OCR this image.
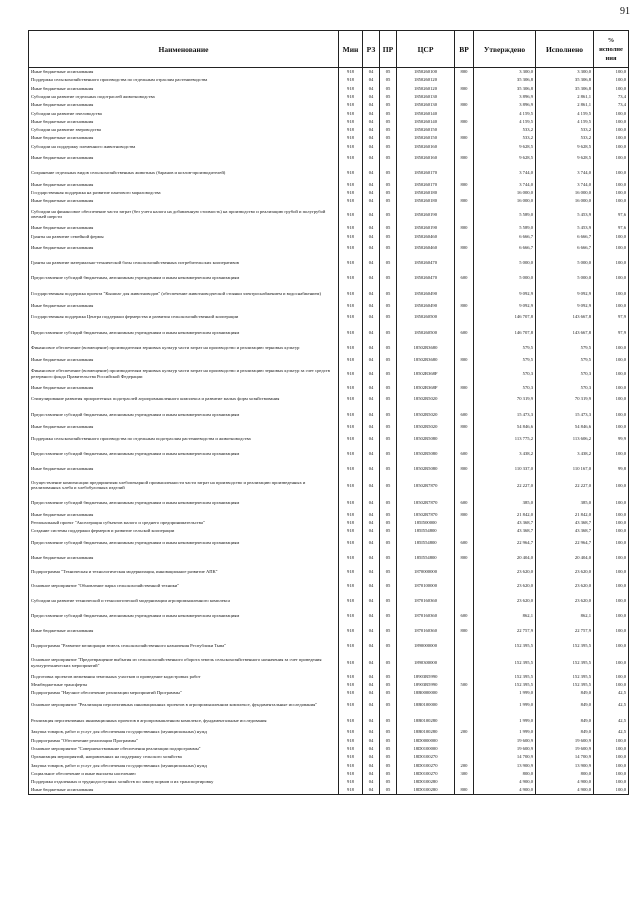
91
Наименование	Мин	РЗ	ПР	ЦСР	ВР	Утверждено	Исполнено	% исполне ния
Иные бюджетные ассигнования	918	04	05	1850260100	800	3 300,0	3 300,0	100,0
Поддержка сельскохозяйственного производства по отдельным отраслям растениеводства	918	04	05	1850260120		35 306,8	35 306,8	100,0
Иные бюджетные ассигнования	918	04	05	1850260120	800	35 306,8	35 306,8	100,0
Субсидии на развитие отдельных подотраслей животноводства	918	04	05	1850260130		3 896,9	2 861,1	73,4
Иные бюджетные ассигнования	918	04	05	1850260130	800	3 896,9	2 861,1	73,4
Субсидии на развитие пчеловодства	918	04	05	1850260140		4 159,5	4 159,5	100,0
Иные бюджетные ассигнования	918	04	05	1850260140	800	4 159,5	4 159,5	100,0
Субсидии на развитие звероводства	918	04	05	1850260150		533,2	533,2	100,0
Иные бюджетные ассигнования	918	04	05	1850260150	800	533,2	533,2	100,0
Субсидии на поддержку племенного животноводства	918	04	05	1850260160		9 628,5	9 628,5	100,0
Иные бюджетные ассигнования	918	04	05	1850260160	800	9 628,5	9 628,5	100,0
Сохранение отдельных видов сельскохозяйственных животных (баранов и козлов-производителей)	918	04	05	1850260170		3 744,0	3 744,0	100,0
Иные бюджетные ассигнования	918	04	05	1850260170	800	3 744,0	3 744,0	100,0
Государственная поддержка на развитие пантового мараловодства	918	04	05	1850260180		16 000,0	16 000,0	100,0
Иные бюджетные ассигнования	918	04	05	1850260180	800	16 000,0	16 000,0	100,0
Субсидии на финансовое обеспечение части затрат (без учета налога на добавленную стоимость) на производство и реализацию грубой и полугрубой овечьей шерсти	918	04	05	1850260190		5 589,0	5 453,9	97,6
Иные бюджетные ассигнования	918	04	05	1850260190	800	5 589,0	5 453,9	97,6
Гранты на развитие семейной фермы	918	04	05	1850260460		6 666,7	6 666,7	100,0
Иные бюджетные ассигнования	918	04	05	1850260460	800	6 666,7	6 666,7	100,0
Гранты на развитие материально-технической базы сельскохозяйственных потребительских кооперативов	918	04	05	1850260470		5 000,0	5 000,0	100,0
Предоставление субсидий бюджетным, автономным учреждениям и иным некоммерческим организациям	918	04	05	1850260470	600	5 000,0	5 000,0	100,0
Государственная поддержка проекта "Кышпаг для животноводов" (обеспечение животноводческой стоянки электроснабжением и водоснабжением)	918	04	05	1850260490		9 092,9	9 092,9	100,0
Иные бюджетные ассигнования	918	04	05	1850260490	800	9 092,9	9 092,9	100,0
Государственная поддержка Центра поддержки фермерства и развития сельскохозяйственной кооперации	918	04	05	1850260500		146 707,8	143 667,8	97,9
Предоставление субсидий бюджетным, автономным учреждениям и иным некоммерческим организациям	918	04	05	1850260500	600	146 707,8	143 667,8	97,9
Финансовое обеспечение (возмещение) производителям зерновых культур части затрат на производство и реализацию зерновых культур	918	04	05	18502R3680		579,5	579,5	100,0
Иные бюджетные ассигнования	918	04	05	18502R3680	800	579,5	579,5	100,0
Финансовое обеспечение (возмещение) производителям зерновых культур части затрат на производство и реализацию зерновых культур за счет средств резервного фонда Правительства Российской Федерации	918	04	05	18502R368F		570,3	570,3	100,0
Иные бюджетные ассигнования	918	04	05	18502R368F	800	570,3	570,3	100,0
Стимулирование развития приоритетных подотраслей агропромышленного комплекса и развитие малых форм хозяйствования	918	04	05	18502R5020		70 319,9	70 319,9	100,0
Предоставление субсидий бюджетным, автономным учреждениям и иным некоммерческим организациям	918	04	05	18502R5020	600	15 473,3	15 473,3	100,0
Иные бюджетные ассигнования	918	04	05	18502R5020	800	54 846,6	54 846,6	100,0
Поддержка сельскохозяйственного производства по отдельным подотраслям растениеводства и животноводства	918	04	05	18502R5080		113 775,2	113 606,2	99,9
Предоставление субсидий бюджетным, автономным учреждениям и иным некоммерческим организациям	918	04	05	18502R5080	600	3 438,2	3 438,2	100,0
Иные бюджетные ассигнования	918	04	05	18502R5080	800	110 337,0	110 167,0	99,8
Осуществление компенсации предприятиям хлебопекарной промышленности части затрат на производство и реализацию произведенных и реализованных хлеба и хлебобулочных изделий	918	04	05	18502R7870		22 227,0	22 227,0	100,0
Предоставление субсидий бюджетным, автономным учреждениям и иным некоммерческим организациям	918	04	05	18502R7870	600	385,0	385,0	100,0
Иные бюджетные ассигнования	918	04	05	18502R7870	800	21 842,0	21 842,0	100,0
Региональный проект "Акселерация субъектов малого и среднего предпринимательства"	918	04	05	185I500000		43 368,7	43 368,7	100,0
Создание системы поддержки фермеров и развитие сельской кооперации	918	04	05	185I554800		43 368,7	43 368,7	100,0
Предоставление субсидий бюджетным, автономным учреждениям и иным некоммерческим организациям	918	04	05	185I554800	600	22 964,7	22 964,7	100,0
Иные бюджетные ассигнования	918	04	05	185I554800	800	20 404,0	20 404,0	100,0
Подпрограмма "Техническая и технологическая модернизация, инновационное развитие АПК"	918	04	05	1870000000		23 620,0	23 620,0	100,0
Основное мероприятие "Обновление парка сельскохозяйственной техники"	918	04	05	1870100000		23 620,0	23 620,0	100,0
Субсидии на развитие технической и технологической модернизации агропромышленного комплекса	918	04	05	1870160360		23 620,0	23 620,0	100,0
Предоставление субсидий бюджетным, автономным учреждениям и иным некоммерческим организациям	918	04	05	1870160360	600	862,1	862,1	100,0
Иные бюджетные ассигнования	918	04	05	1870160360	800	22 757,9	22 757,9	100,0
Подпрограмма "Развитие мелиорации земель сельскохозяйственного назначения Республики Тыва"	918	04	05	1890000000		152 395,5	152 395,5	100,0
Основное мероприятие "Предотвращение выбытия из сельскохозяйственного оборота земель сельскохозяйственного назначения за счет проведения культуртехнических мероприятий"	918	04	05	1890300000		152 395,5	152 395,5	100,0
Подготовка проектов межевания земельных участков и проведение кадастровых работ	918	04	05	18903R5990		152 395,5	152 395,5	100,0
Межбюджетные трансферты	918	04	05	18903R5990	500	152 395,5	152 395,5	100,0
Подпрограмма "Научное обеспечение реализации мероприятий Программы"	918	04	05	18B0000000		1 999,0	849,0	42,5
Основное мероприятие "Реализация перспективных инновационных проектов в агропромышленном комплексе, фундаментальные исследования"	918	04	05	18B0100000		1 999,0	849,0	42,5
Реализация перспективных инновационных проектов в агропромышленном комплексе, фундаментальные исследования	918	04	05	18B0100280		1 999,0	849,0	42,5
Закупка товаров, работ и услуг для обеспечения государственных (муниципальных) нужд	918	04	05	18B0100280	200	1 999,0	849,0	42,5
Подпрограмма "Обеспечение реализации Программы"	918	04	05	18D0000000		19 600,9	19 600,9	100,0
Основное мероприятие "Совершенствование обеспечения реализации подпрограммы"	918	04	05	18D0100000		19 600,9	19 600,9	100,0
Организация мероприятий, направленных на поддержку сельского хозяйства	918	04	05	18D0100270		14 700,9	14 700,9	100,0
Закупка товаров, работ и услуг для обеспечения государственных (муниципальных) нужд	918	04	05	18D0100270	200	13 900,9	13 900,9	100,0
Социальное обеспечение и иные выплаты населению	918	04	05	18D0100270	300	800,0	800,0	100,0
Поддержка отдаленных и труднодоступных хозяйств по завозу кормов и их транспортировку	918	04	05	18D0100280		4 900,0	4 900,0	100,0
Иные бюджетные ассигнования	918	04	05	18D0100280	800	4 900,0	4 900,0	100,0
